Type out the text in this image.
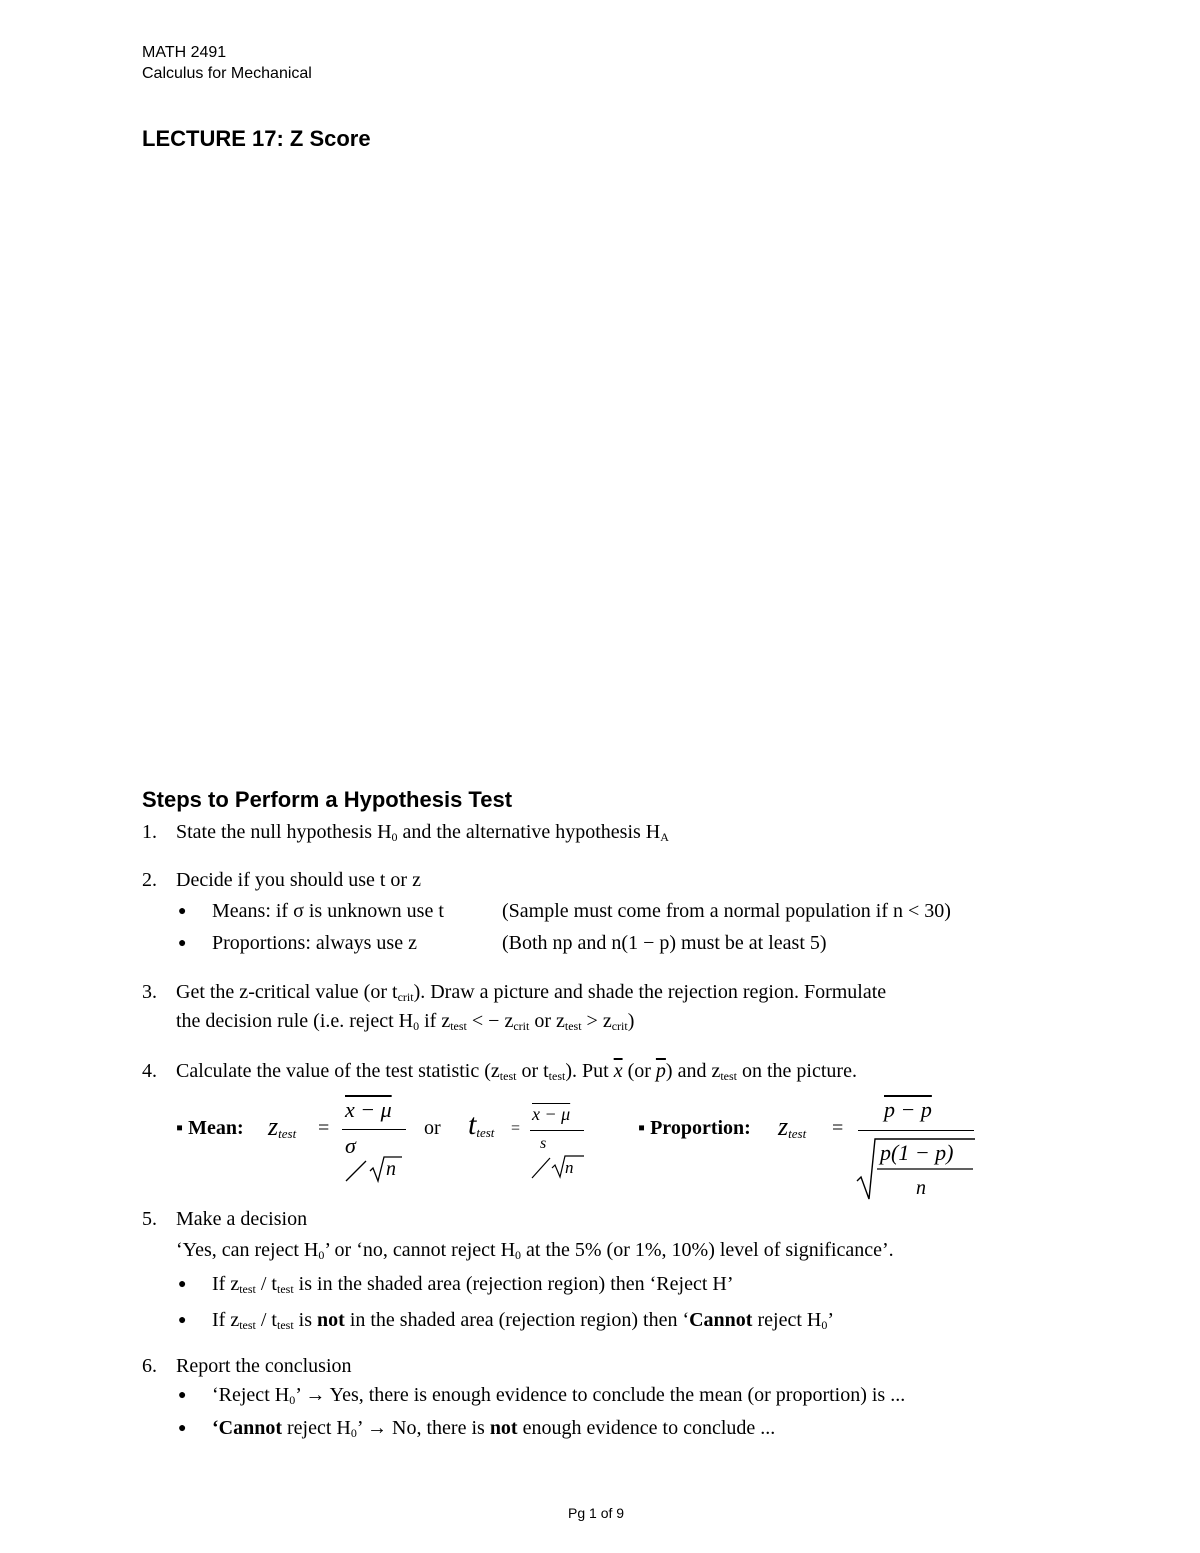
MATH 2491
Calculus for Mechanical
LECTURE 17: Z Score
Steps to Perform a Hypothesis Test
1. State the null hypothesis $H_0$ and the alternative hypothesis $H_A$
2. Decide if you should use t or z
● Means: if σ is unknown use t	(Sample must come from a normal population if n < 30)
● Proportions: always use z	(Both np and n(1 − p) must be at least 5)
3. Get the z-critical value (or $t_{crit}$). Draw a picture and shade the rejection region. Formulate
the decision rule (i.e. reject $H_0$ if $z_{test}$ < − $z_{crit}$ or $z_{test} > z_{crit}$)
4. Calculate the value of the test statistic ($z_{test}$ or $t_{test}$). Put $\overline{x}$ (or $\overline{p}$) and $z_{test}$ on the picture.
▪ Mean: $z_{test}$ =
x − μ
σ
n
or $t_{test}$ =
x − μ
s
n
▪ Proportion: $z_{test}$ =
p − p
p(1 − p)
n
5. Make a decision
‘Yes, can reject $H_0$’ or ‘no, cannot reject $H_0$ at the 5% (or 1%, 10%) level of significance’.
● If $z_{test} / t_{test}$ is in the shaded area (rejection region) then ‘Reject H’
● If $z_{test} / t_{test}$ is not in the shaded area (rejection region) then ‘Cannot reject $H_0$’
6. Report the conclusion
● ‘Reject $H_0$’ → Yes, there is enough evidence to conclude the mean (or proportion) is ...
● ‘Cannot reject $H_0$’ → No, there is not enough evidence to conclude ...
Pg 1 of 9
